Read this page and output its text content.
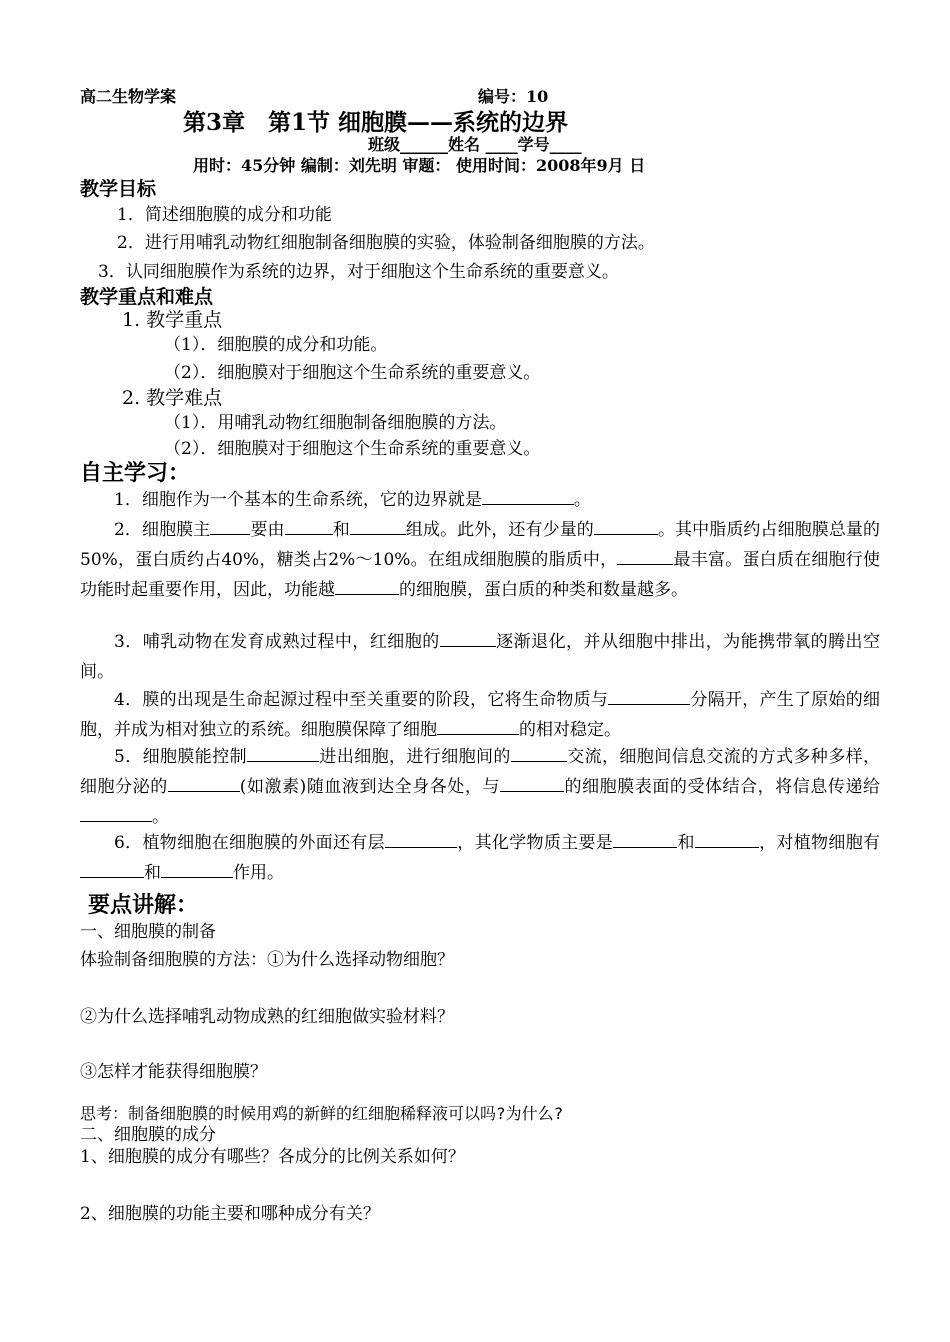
高二生物学案	编号：10
第3章　第1节 细胞膜——系统的边界
班级______姓名 ____学号____
用时：45分钟 编制：刘先明 审题： 使用时间：2008年9月 日
教学目标
1．简述细胞膜的成分和功能
2．进行用哺乳动物红细胞制备细胞膜的实验，体验制备细胞膜的方法。
3．认同细胞膜作为系统的边界，对于细胞这个生命系统的重要意义。
教学重点和难点
1. 教学重点
（1）．细胞膜的成分和功能。
（2）．细胞膜对于细胞这个生命系统的重要意义。
2. 教学难点
（1）．用哺乳动物红细胞制备细胞膜的方法。
（2）．细胞膜对于细胞这个生命系统的重要意义。
自主学习：
1．细胞作为一个基本的生命系统，它的边界就是	。
2．细胞膜主 要由	和	组成。此外，还有少量的	。其中脂质约占细胞膜总量的50%，蛋白质约占40%，糖类占2%～10%。在组成细胞膜的脂质中，	最丰富。蛋白质在细胞行使功能时起重要作用，因此，功能越	的细胞膜，蛋白质的种类和数量越多。
3．哺乳动物在发育成熟过程中，红细胞的	逐渐退化，并从细胞中排出，为能携带氧的腾出空间。
4．膜的出现是生命起源过程中至关重要的阶段，它将生命物质与	分隔开，产生了原始的细胞，并成为相对独立的系统。细胞膜保障了细胞	的相对稳定。
5．细胞膜能控制	进出细胞，进行细胞间的	交流，细胞间信息交流的方式多种多样，细胞分泌的	(如激素)随血液到达全身各处，与	的细胞膜表面的受体结合，将信息传递给。
6．植物细胞在细胞膜的外面还有层	，其化学物质主要是	和	，对植物细胞有和	作用。
要点讲解：
一、细胞膜的制备
体验制备细胞膜的方法：①为什么选择动物细胞？
②为什么选择哺乳动物成熟的红细胞做实验材料？
③怎样才能获得细胞膜？
思考：制备细胞膜的时候用鸡的新鲜的红细胞稀释液可以吗?为什么?
二、细胞膜的成分
1、细胞膜的成分有哪些？各成分的比例关系如何？
2、细胞膜的功能主要和哪种成分有关？
